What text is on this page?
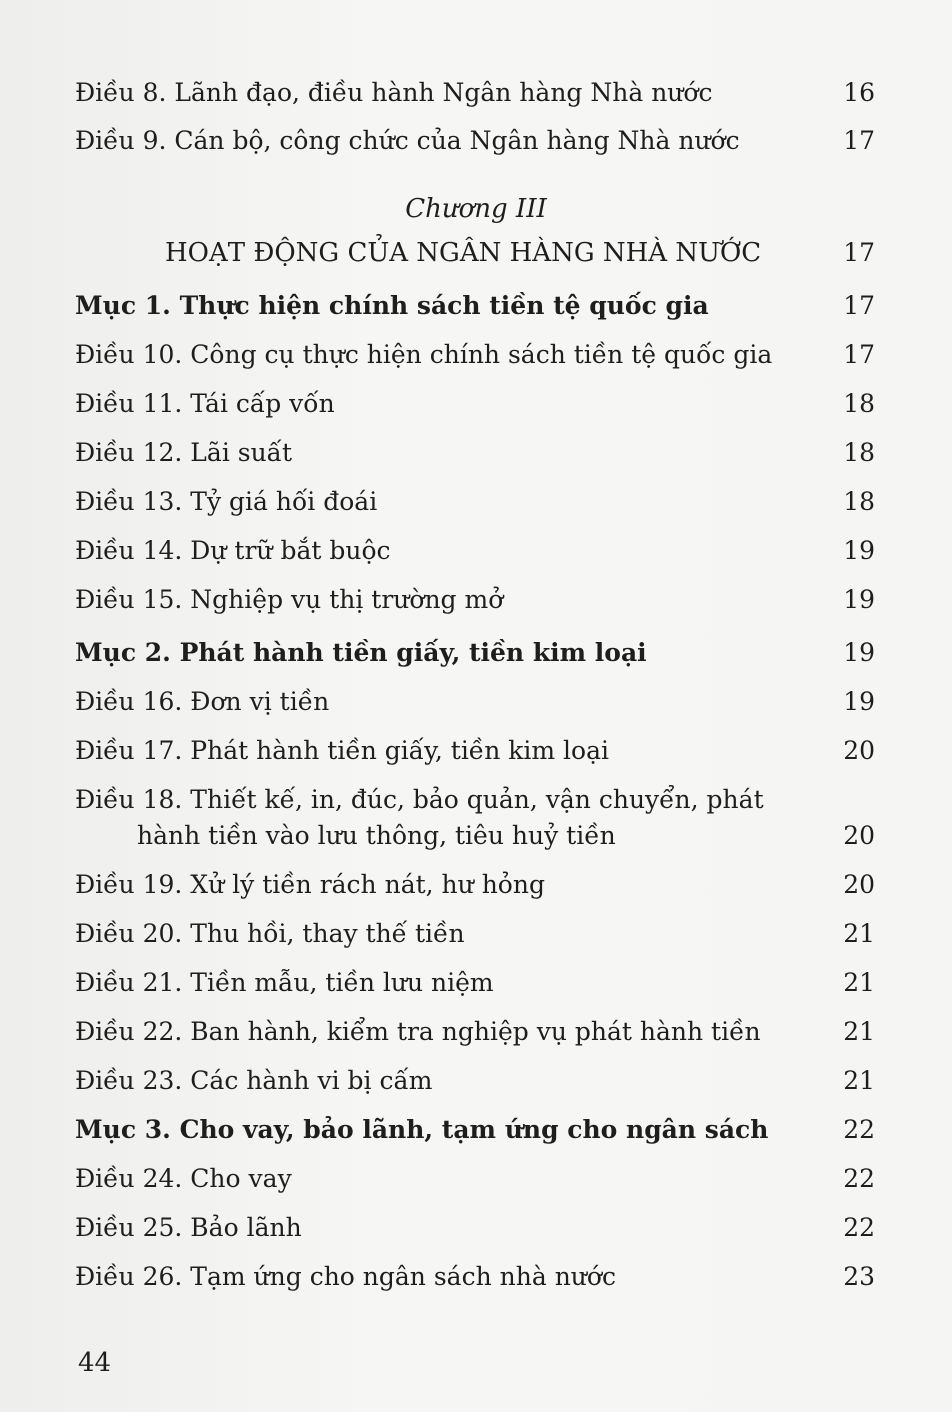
Điều 8. Lãnh đạo, điều hành Ngân hàng Nhà nước	16
Điều 9. Cán bộ, công chức của Ngân hàng Nhà nước	17
Chương III
HOẠT ĐỘNG CỦA NGÂN HÀNG NHÀ NƯỚC	17
Mục 1. Thực hiện chính sách tiền tệ quốc gia	17
Điều 10. Công cụ thực hiện chính sách tiền tệ quốc gia	17
Điều 11. Tái cấp vốn	18
Điều 12. Lãi suất	18
Điều 13. Tỷ giá hối đoái	18
Điều 14. Dự trữ bắt buộc	19
Điều 15. Nghiệp vụ thị trường mở	19
Mục 2. Phát hành tiền giấy, tiền kim loại	19
Điều 16. Đơn vị tiền	19
Điều 17. Phát hành tiền giấy, tiền kim loại	20
Điều 18. Thiết kế, in, đúc, bảo quản, vận chuyển, phát
hành tiền vào lưu thông, tiêu huỷ tiền	20
Điều 19. Xử lý tiền rách nát, hư hỏng	20
Điều 20. Thu hồi, thay thế tiền	21
Điều 21. Tiền mẫu, tiền lưu niệm	21
Điều 22. Ban hành, kiểm tra nghiệp vụ phát hành tiền	21
Điều 23. Các hành vi bị cấm	21
Mục 3. Cho vay, bảo lãnh, tạm ứng cho ngân sách	22
Điều 24. Cho vay	22
Điều 25. Bảo lãnh	22
Điều 26. Tạm ứng cho ngân sách nhà nước	23
44
